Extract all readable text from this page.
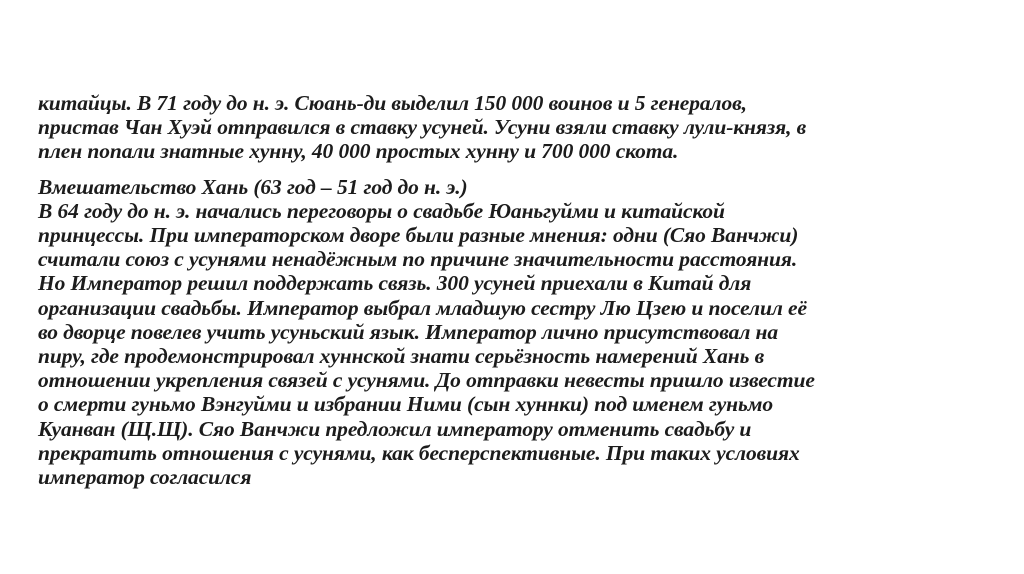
китайцы. В 71 году до н. э. Сюань-ди выделил 150 000 воинов и 5 генералов,
пристав Чан Хуэй отправился в ставку усуней. Усуни взяли ставку лули-князя, в
плен попали знатные хунну, 40 000 простых хунну и 700 000 скота.

Вмешательство Хань (63 год – 51 год до н. э.)
В 64 году до н. э. начались переговоры о свадьбе Юаньгуйми и китайской
принцессы. При императорском дворе были разные мнения: одни (Сяо Ванчжи)
считали союз с усунями ненадёжным по причине значительности расстояния.
Но Император решил поддержать связь. 300 усуней приехали в Китай для
организации свадьбы. Император выбрал младшую сестру Лю Цзею и поселил её
во дворце повелев учить усуньский язык. Император лично присутствовал на
пиру, где продемонстрировал хуннской знати серьёзность намерений Хань в
отношении укрепления связей с усунями. До отправки невесты пришло известие
о смерти гуньмо Вэнгуйми и избрании Ними (сын хуннки) под именем гуньмо
Куанван (Щ.Щ). Сяо Ванчжи предложил императору отменить свадьбу и
прекратить отношения с усунями, как бесперспективные. При таких условиях
император согласился
